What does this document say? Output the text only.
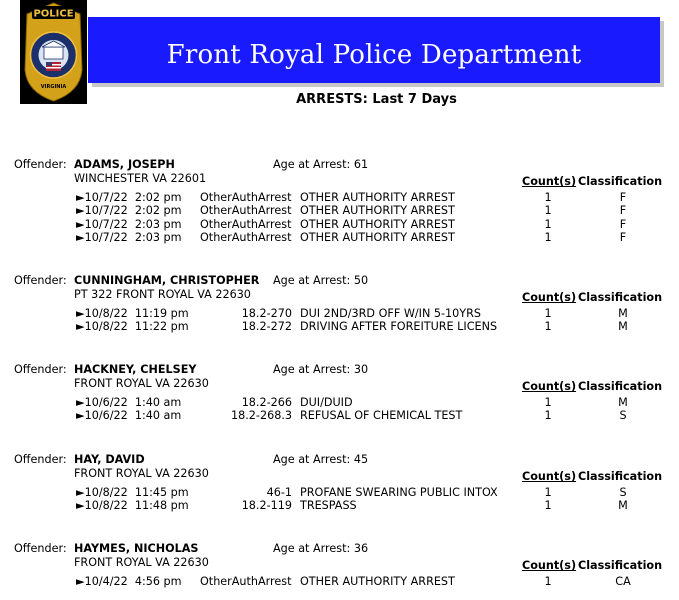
POLICE
VIRGINIA
Front Royal Police Department
ARRESTS: Last 7 Days
Offender: ADAMS, JOSEPH	Age at Arrest: 61
WINCHESTER VA 22601	Count(s) Classification
►10/7/22 2:02 pm OtherAuthArrest OTHER AUTHORITY ARREST	1	F
►10/7/22 2:02 pm OtherAuthArrest OTHER AUTHORITY ARREST	1	F
►10/7/22 2:03 pm OtherAuthArrest OTHER AUTHORITY ARREST	1	F
►10/7/22 2:03 pm OtherAuthArrest OTHER AUTHORITY ARREST	1	F
Offender: CUNNINGHAM, CHRISTOPHER Age at Arrest: 50
PT 322 FRONT ROYAL VA 22630	Count(s) Classification
►10/8/22 11:19 pm	18.2-270 DUI 2ND/3RD OFF W/IN 5-10YRS	1	M
►10/8/22 11:22 pm	18.2-272 DRIVING AFTER FOREITURE LICENS	1	M
Offender: HACKNEY, CHELSEY	Age at Arrest: 30
FRONT ROYAL VA 22630	Count(s) Classification
►10/6/22 1:40 am	18.2-266 DUI/DUID	1	M
►10/6/22 1:40 am	18.2-268.3 REFUSAL OF CHEMICAL TEST	1	S
Offender: HAY, DAVID	Age at Arrest: 45
FRONT ROYAL VA 22630	Count(s) Classification
►10/8/22 11:45 pm	46-1 PROFANE SWEARING PUBLIC INTOX	1	S
►10/8/22 11:48 pm	18.2-119 TRESPASS	1	M
Offender: HAYMES, NICHOLAS	Age at Arrest: 36
FRONT ROYAL VA 22630	Count(s) Classification
►10/4/22 4:56 pm OtherAuthArrest OTHER AUTHORITY ARREST	1	CA
